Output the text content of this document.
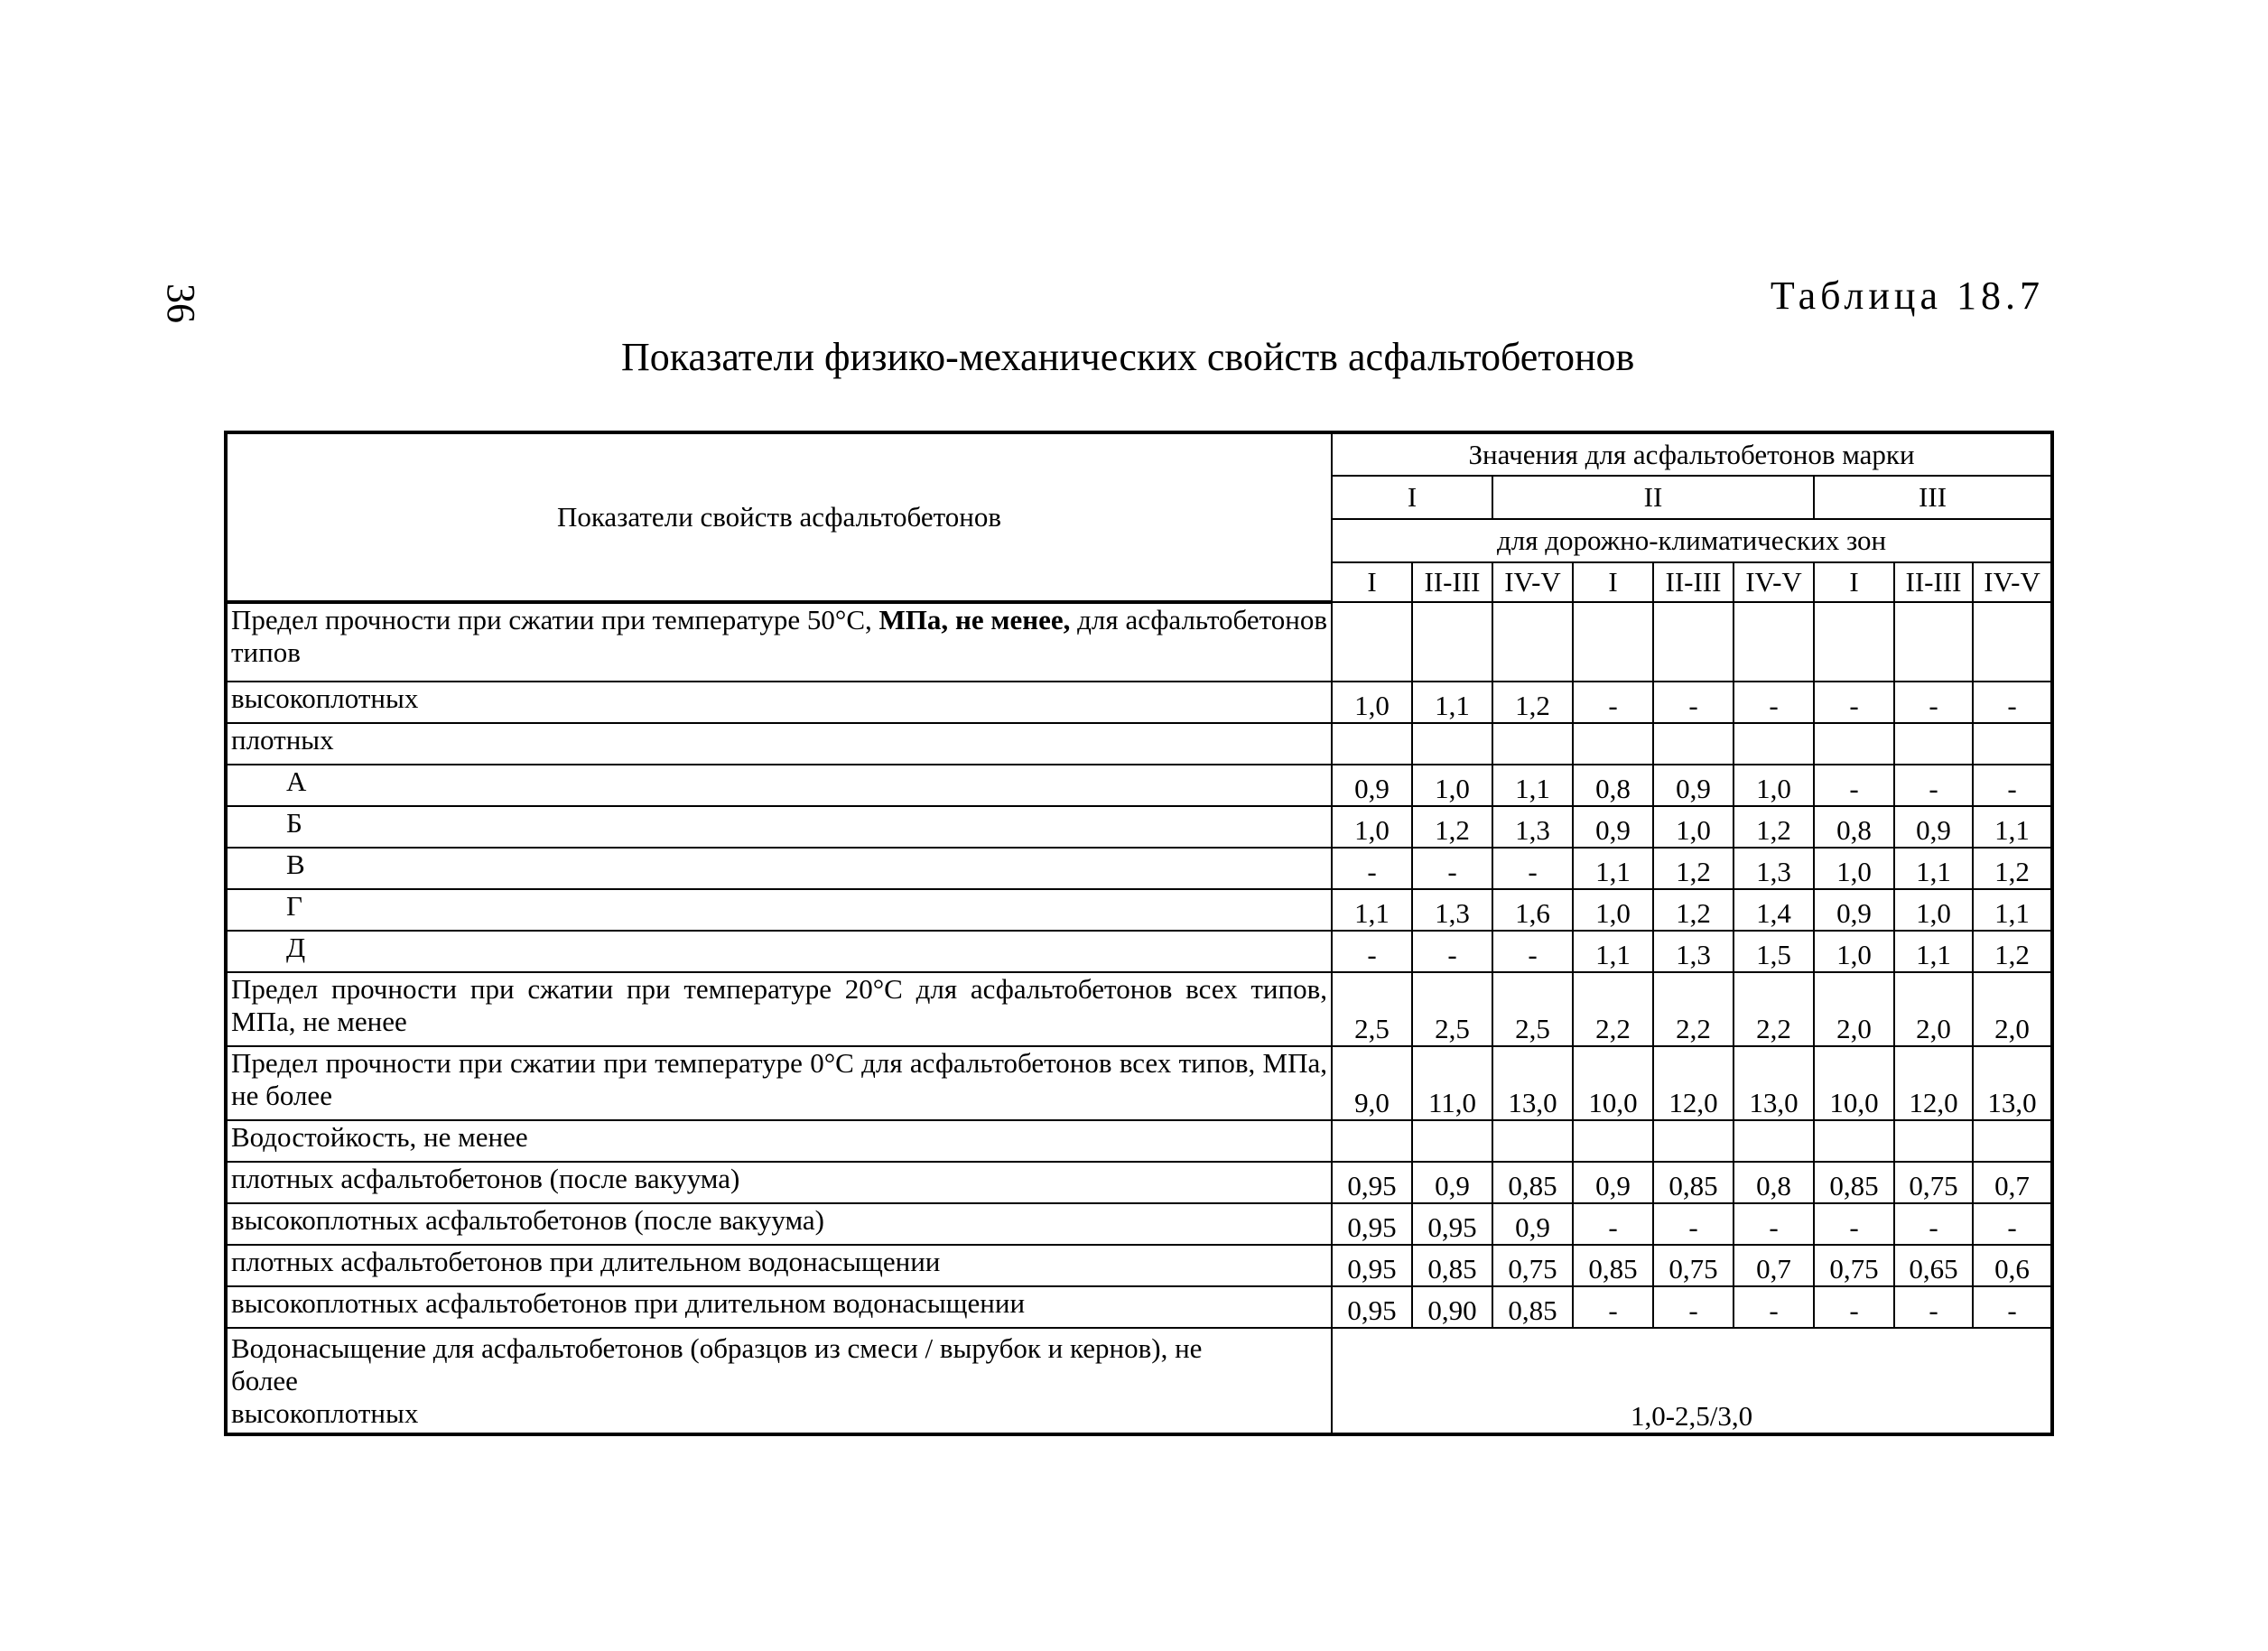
36	Таблица 18.7
Показатели физико-механических свойств асфальтобетонов
Показатели свойств асфальтобетонов	Значения для асфальтобетонов марки								
	I		II				III		
	для дорожно-климатических зон								
	I	II-III	IV-V	I	II-III	IV-V	I	II-III	IV-V
Предел прочности при сжатии при температуре 50°С, МПа, не менее, для асфальтобетонов типов									
высокоплотных	1,0	1,1	1,2	-	-	-	-	-	-
плотных									
А	0,9	1,0	1,1	0,8	0,9	1,0	-	-	-
Б	1,0	1,2	1,3	0,9	1,0	1,2	0,8	0,9	1,1
В	-	-	-	1,1	1,2	1,3	1,0	1,1	1,2
Г	1,1	1,3	1,6	1,0	1,2	1,4	0,9	1,0	1,1
Д	-	-	-	1,1	1,3	1,5	1,0	1,1	1,2
Предел прочности при сжатии при температуре 20°С для асфальтобетонов всех типов, МПа, не менее	2,5	2,5	2,5	2,2	2,2	2,2	2,0	2,0	2,0
Предел прочности при сжатии при температуре 0°С для асфальтобетонов всех типов, МПа, не более	9,0	11,0	13,0	10,0	12,0	13,0	10,0	12,0	13,0
Водостойкость, не менее									
плотных асфальтобетонов (после вакуума)	0,95	0,9	0,85	0,9	0,85	0,8	0,85	0,75	0,7
высокоплотных асфальтобетонов (после вакуума)	0,95	0,95	0,9	-	-	-	-	-	-
плотных асфальтобетонов при длительном водонасыщении	0,95	0,85	0,75	0,85	0,75	0,7	0,75	0,65	0,6
высокоплотных асфальтобетонов при длительном водонасыщении	0,95	0,90	0,85	-	-	-	-	-	-

Водонасыщение для асфальтобетонов (образцов из смеси / вырубок и кернов), не более
высокоплотных	1,0-2,5/3,0								
